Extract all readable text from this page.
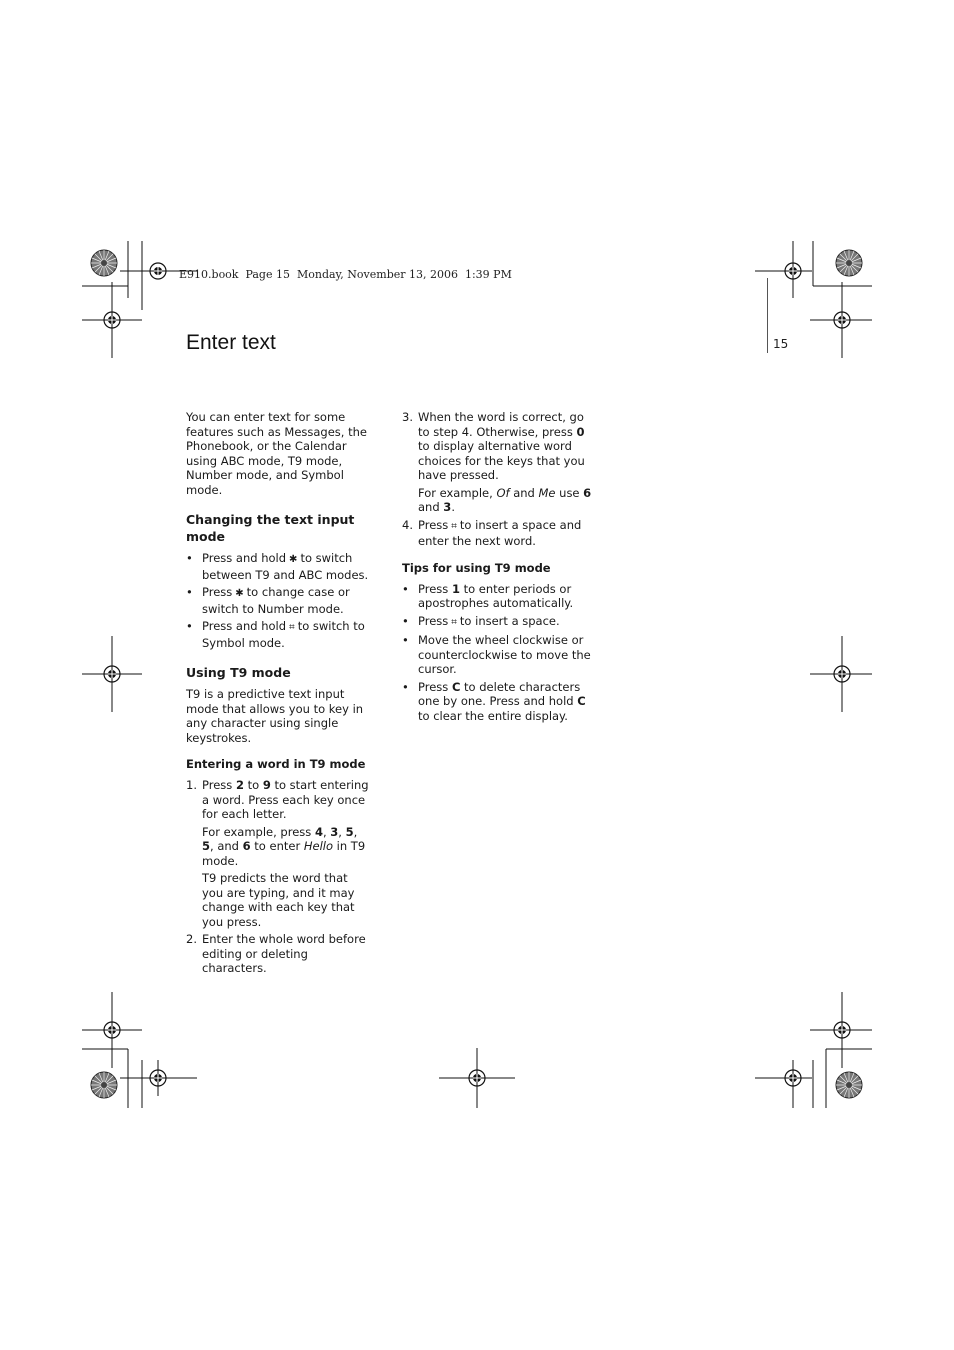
E910.book  Page 15  Monday, November 13, 2006  1:39 PM
15
Enter text

You can enter text for some features such as Messages, the Phonebook, or the Calendar using ABC mode, T9 mode, Number mode, and Symbol mode.

Changing the text input mode
• Press and hold ✱ to switch between T9 and ABC modes.
• Press ✱ to change case or switch to Number mode.
• Press and hold ⌗ to switch to Symbol mode.
Using T9 mode

T9 is a predictive text input mode that allows you to key in any character using single keystrokes.

Entering a word in T9 mode
1. Press 2 to 9 to start entering a word. Press each key once for each letter.

For example, press 4, 3, 5, 5, and 6 to enter Hello in T9 mode.

T9 predicts the word that you are typing, and it may change with each key that you press.

2. Enter the whole word before editing or deleting characters.
3. When the word is correct, go to step 4. Otherwise, press 0 to display alternative word choices for the keys that you have pressed.

For example, Of and Me use 6 and 3.

4. Press ⌗ to insert a space and enter the next word.
Tips for using T9 mode
• Press 1 to enter periods or apostrophes automatically.
• Press ⌗ to insert a space.
• Move the wheel clockwise or counterclockwise to move the cursor.
• Press C to delete characters one by one. Press and hold C to clear the entire display.
